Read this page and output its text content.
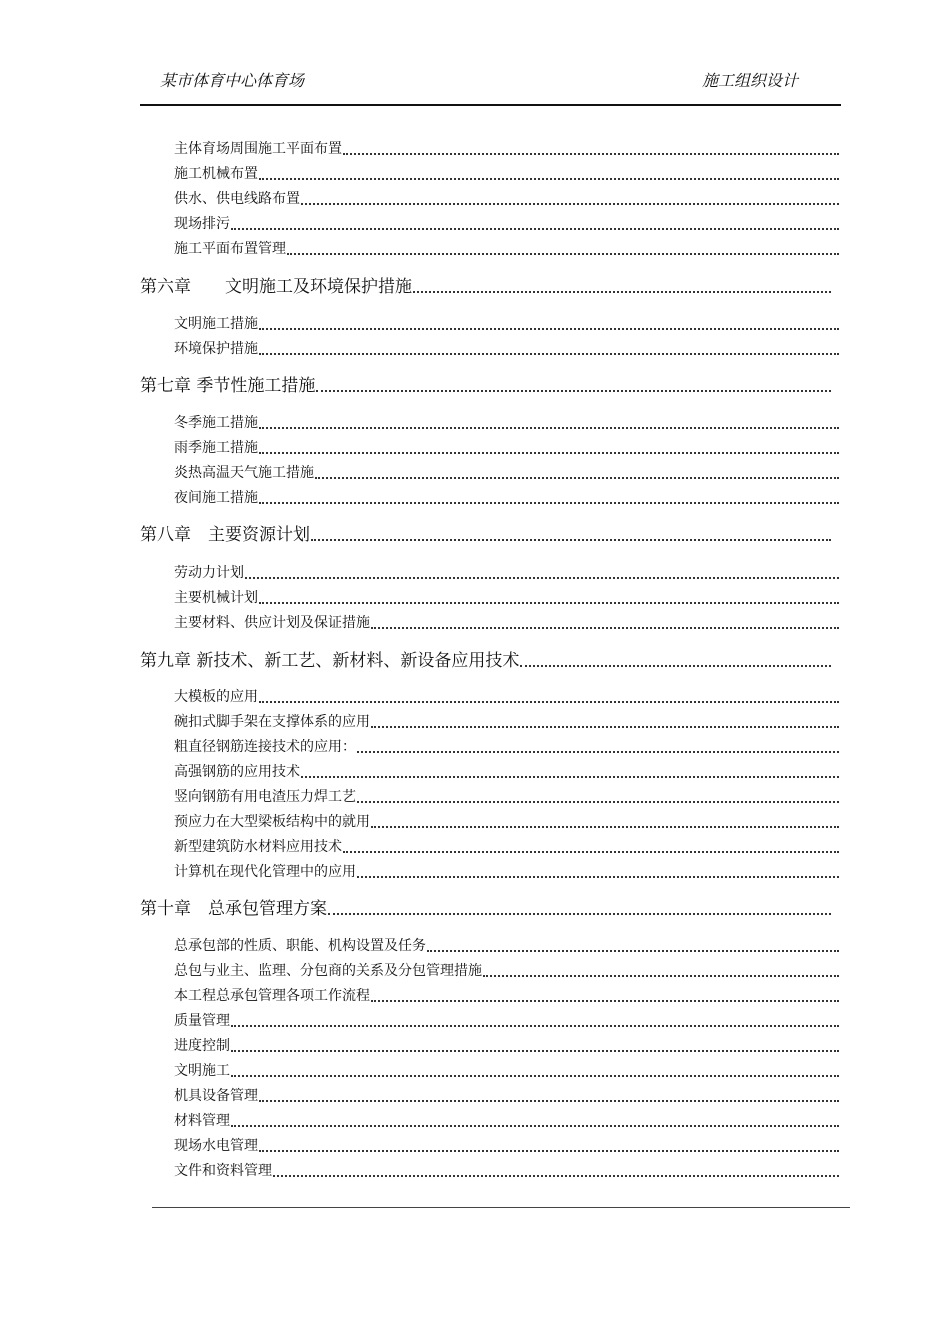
某市体育中心体育场	施工组织设计
主体育场周围施工平面布置
施工机械布置
供水、供电线路布置
现场排污
施工平面布置管理
第六章　　文明施工及环境保护措施
文明施工措施
环境保护措施
第七章 季节性施工措施
冬季施工措施
雨季施工措施
炎热高温天气施工措施
夜间施工措施
第八章　主要资源计划
劳动力计划
主要机械计划
主要材料、供应计划及保证措施
第九章 新技术、新工艺、新材料、新设备应用技术
大模板的应用
碗扣式脚手架在支撑体系的应用
粗直径钢筋连接技术的应用：
高强钢筋的应用技术
竖向钢筋有用电渣压力焊工艺
预应力在大型梁板结构中的就用
新型建筑防水材料应用技术
计算机在现代化管理中的应用
第十章　总承包管理方案
总承包部的性质、职能、机构设置及任务
总包与业主、监理、分包商的关系及分包管理措施
本工程总承包管理各项工作流程
质量管理
进度控制
文明施工
机具设备管理
材料管理
现场水电管理
文件和资料管理
